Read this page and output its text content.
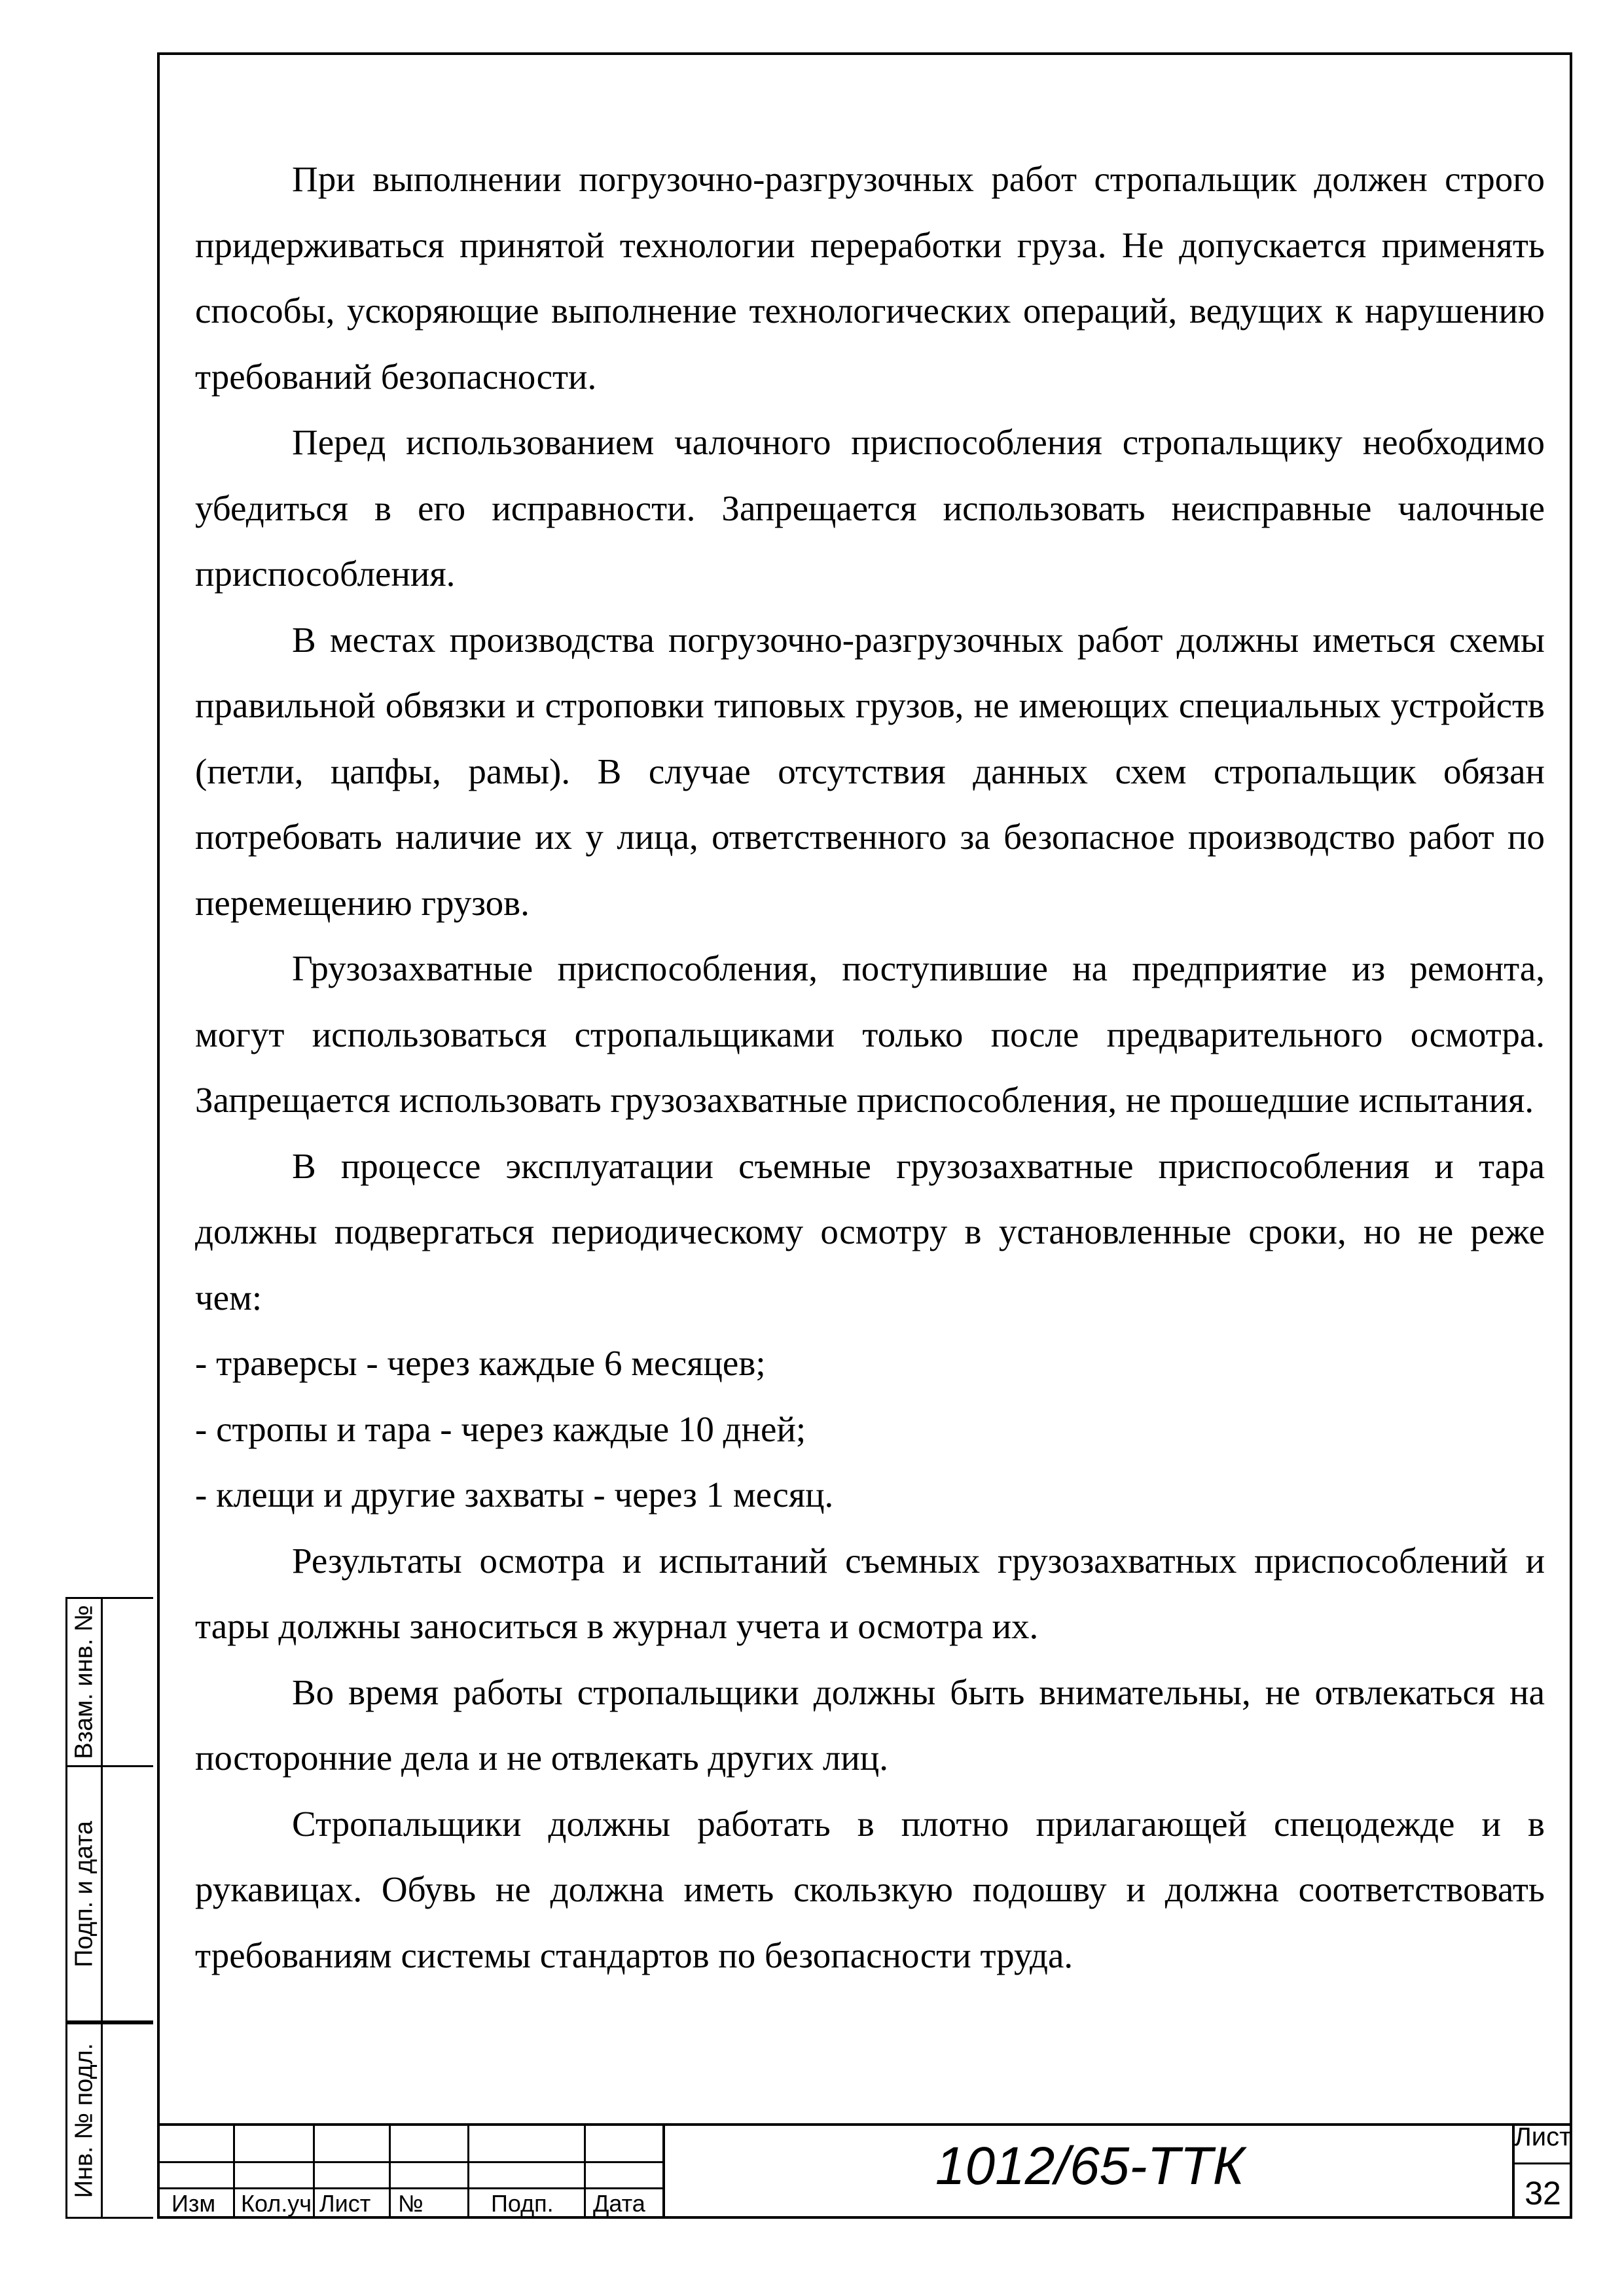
При выполнении погрузочно-разгрузочных работ стропальщик должен строго придерживаться принятой технологии переработки груза. Не допускается применять способы, ускоряющие выполнение технологических операций, ведущих к нарушению требований безопасности.

Перед использованием чалочного приспособления стропальщику необходимо убедиться в его исправности. Запрещается использовать неисправные чалочные приспособления.

В местах производства погрузочно-разгрузочных работ должны иметься схемы правильной обвязки и строповки типовых грузов, не имеющих специальных устройств (петли, цапфы, рамы). В случае отсутствия данных схем стропальщик обязан потребовать наличие их у лица, ответственного за безопасное производство работ по перемещению грузов.

Грузозахватные приспособления, поступившие на предприятие из ремонта, могут использоваться стропальщиками только после предварительного осмотра. Запрещается использовать грузозахватные приспособления, не прошедшие испытания.

В процессе эксплуатации съемные грузозахватные приспособления и тара должны подвергаться периодическому осмотру в установленные сроки, но не реже чем:

- траверсы - через каждые 6 месяцев;

- стропы и тара - через каждые 10 дней;

- клещи и другие захваты - через 1 месяц.

Результаты осмотра и испытаний съемных грузозахватных приспособлений и тары должны заноситься в журнал учета и осмотра их.

Во время работы стропальщики должны быть внимательны, не отвлекаться на посторонние дела и не отвлекать других лиц.

Стропальщики должны работать в плотно прилагающей спецодежде и в рукавицах. Обувь не должна иметь скользкую подошву и должна соответствовать требованиям системы стандартов по безопасности труда.

Взам. инв. №
Подп. и дата
Инв. № подл.
Изм Кол.уч Лист №	Подп. Дата
1012/65-ТТК	Лист
32
